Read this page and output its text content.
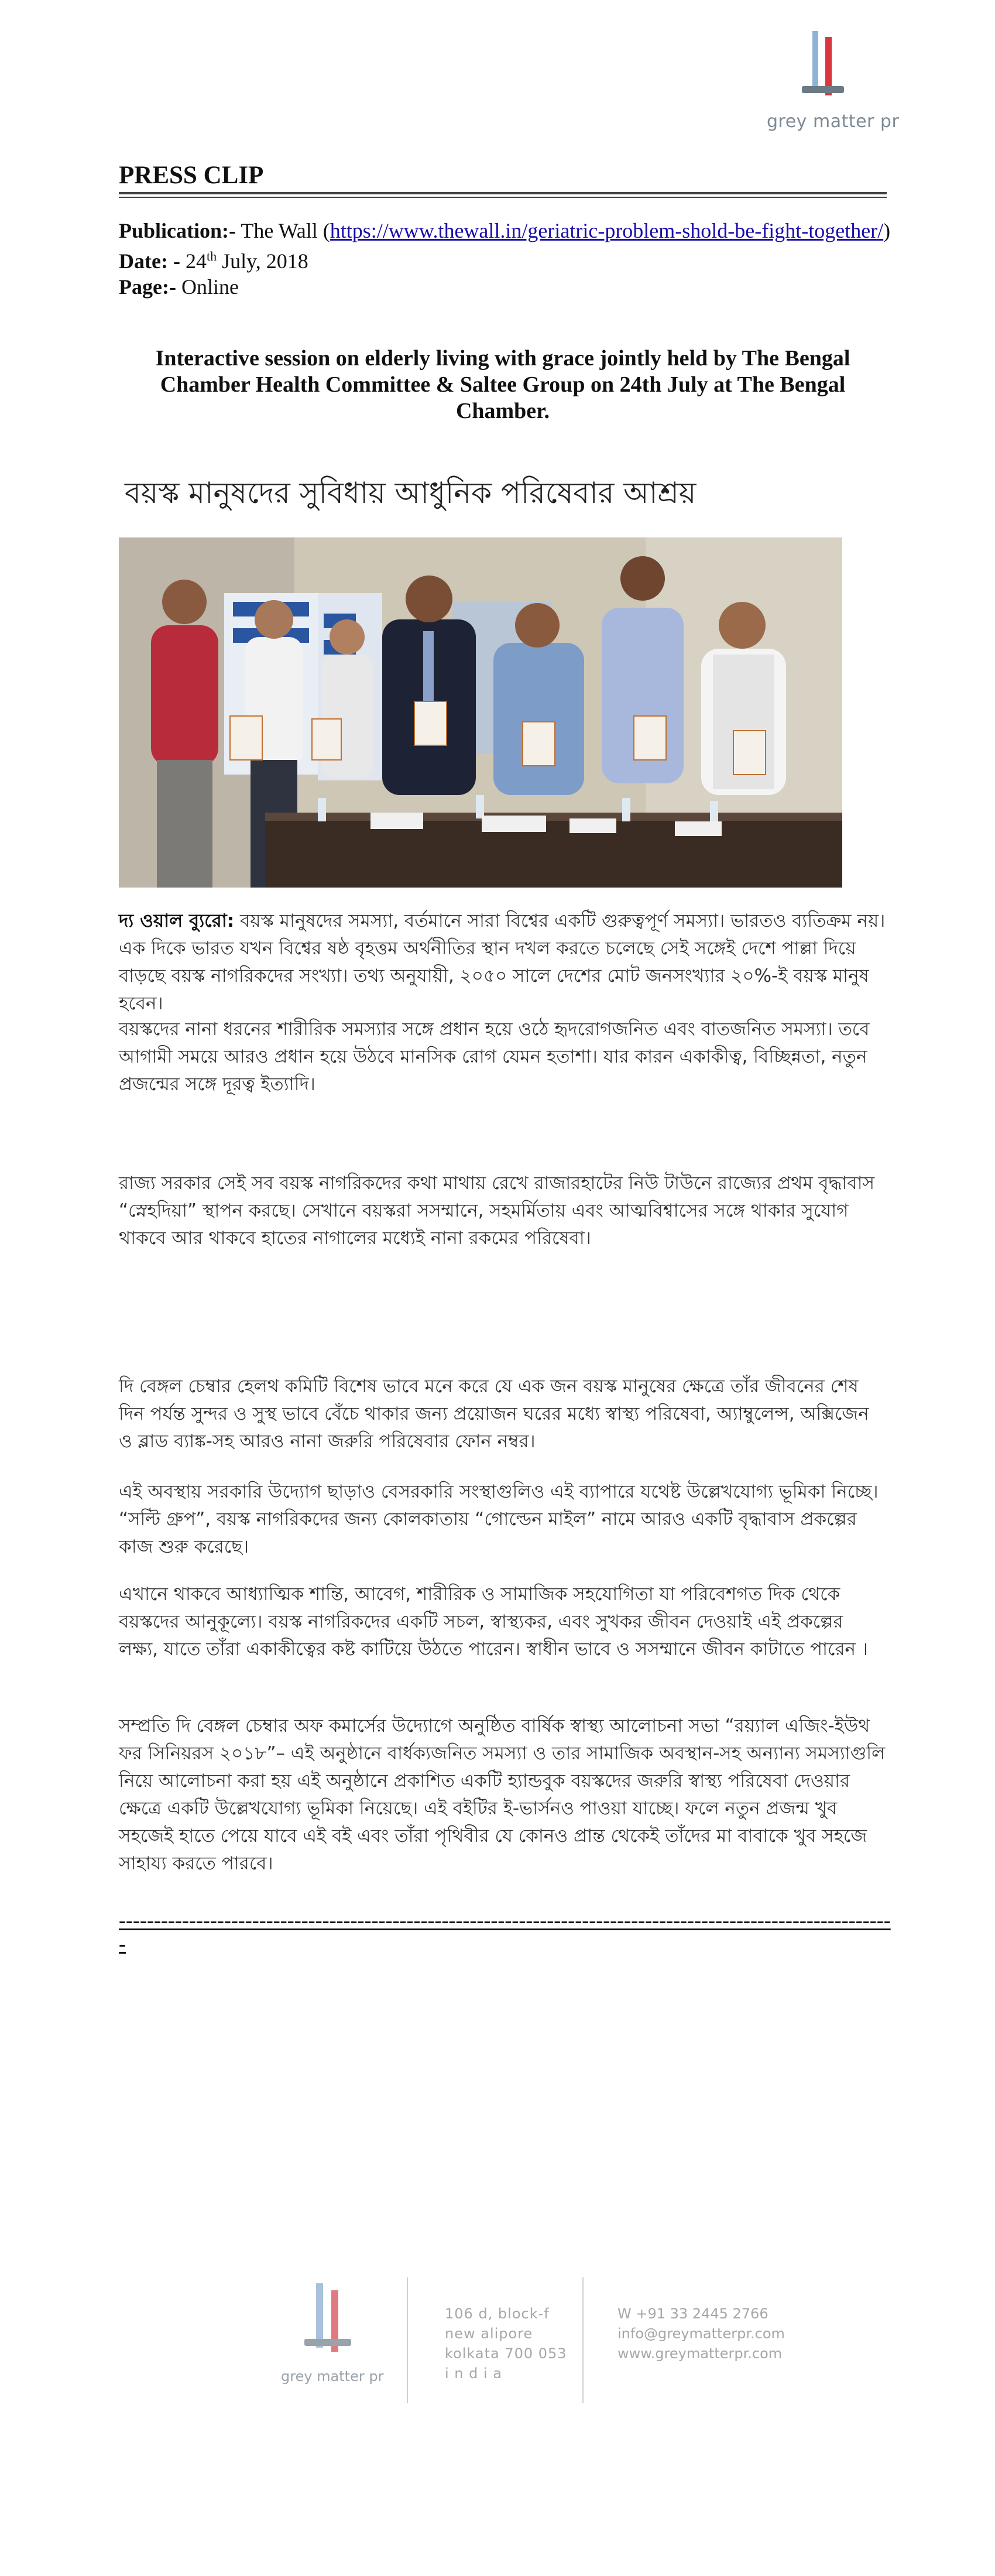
grey matter pr
PRESS CLIP
Publication:- The Wall (https://www.thewall.in/geriatric-problem-shold-be-fight-together/)
Date: - 24th July, 2018
Page:- Online
Interactive session on elderly living with grace jointly held by The Bengal Chamber Health Committee & Saltee Group on 24th July at The Bengal Chamber.
বয়স্ক মানুষদের সুবিধায় আধুনিক পরিষেবার আশ্রয়

দ্য ওয়াল ব্যুরো: বয়স্ক মানুষদের সমস্যা, বর্তমানে সারা বিশ্বের একটি গুরুত্বপূর্ণ সমস্যা। ভারতও ব্যতিক্রম নয়। এক দিকে ভারত যখন বিশ্বের ষষ্ঠ বৃহত্তম অর্থনীতির স্থান দখল করতে চলেছে সেই সঙ্গেই দেশে পাল্লা দিয়ে বাড়ছে বয়স্ক নাগরিকদের সংখ্যা। তথ্য অনুযায়ী, ২০৫০ সালে দেশের মোট জনসংখ্যার ২০%-ই বয়স্ক মানুষ হবেন।

বয়স্কদের নানা ধরনের শারীরিক সমস্যার সঙ্গে প্রধান হয়ে ওঠে হৃদরোগজনিত এবং বাতজনিত সমস্যা। তবে আগামী সময়ে আরও প্রধান হয়ে উঠবে মানসিক রোগ যেমন হতাশা। যার কারন একাকীত্ব, বিচ্ছিন্নতা, নতুন প্রজন্মের সঙ্গে দূরত্ব ইত্যাদি।

রাজ্য সরকার সেই সব বয়স্ক নাগরিকদের কথা মাথায় রেখে রাজারহাটের নিউ টাউনে রাজ্যের প্রথম বৃদ্ধাবাস “স্নেহদিয়া” স্থাপন করছে। সেখানে বয়স্করা সসম্মানে, সহমর্মিতায় এবং আত্মবিশ্বাসের সঙ্গে থাকার সুযোগ থাকবে আর থাকবে হাতের নাগালের মধ্যেই নানা রকমের পরিষেবা।

দি বেঙ্গল চেম্বার হেলথ কমিটি বিশেষ ভাবে মনে করে যে এক জন বয়স্ক মানুষের ক্ষেত্রে তাঁর জীবনের শেষ দিন পর্যন্ত সুন্দর ও সুস্থ ভাবে বেঁচে থাকার জন্য প্রয়োজন ঘরের মধ্যে স্বাস্থ্য পরিষেবা, অ্যাম্বুলেন্স, অক্সিজেন ও ব্লাড ব্যাঙ্ক-সহ আরও নানা জরুরি পরিষেবার ফোন নম্বর।

এই অবস্থায় সরকারি উদ্যোগ ছাড়াও বেসরকারি সংস্থাগুলিও এই ব্যাপারে যথেষ্ট উল্লেখযোগ্য ভূমিকা নিচ্ছে। “সল্টি গ্রুপ”, বয়স্ক নাগরিকদের জন্য কোলকাতায় “গোল্ডেন মাইল” নামে আরও একটি বৃদ্ধাবাস প্রকল্পের কাজ শুরু করেছে।

এখানে থাকবে আধ্যাত্মিক শান্তি, আবেগ, শারীরিক ও সামাজিক সহযোগিতা যা পরিবেশগত দিক থেকে বয়স্কদের আনুকূল্যে। বয়স্ক নাগরিকদের একটি সচল, স্বাস্থ্যকর, এবং সুখকর জীবন দেওয়াই এই প্রকল্পের লক্ষ্য, যাতে তাঁরা একাকীত্বের কষ্ট কাটিয়ে উঠতে পারেন। স্বাধীন ভাবে ও সসম্মানে জীবন কাটাতে পারেন ।

সম্প্রতি দি বেঙ্গল চেম্বার অফ কমার্সের উদ্যোগে অনুষ্ঠিত বার্ষিক স্বাস্থ্য আলোচনা সভা “রয়্যাল এজিং-ইউথ ফর সিনিয়রস ২০১৮”– এই অনুষ্ঠানে বার্ধক্যজনিত সমস্যা ও তার সামাজিক অবস্থান-সহ অন্যান্য সমস্যাগুলি নিয়ে আলোচনা করা হয় এই অনুষ্ঠানে প্রকাশিত একটি হ্যান্ডবুক বয়স্কদের জরুরি স্বাস্থ্য পরিষেবা দেওয়ার ক্ষেত্রে একটি উল্লেখযোগ্য ভূমিকা নিয়েছে। এই বইটির ই-ভার্সনও পাওয়া যাচ্ছে। ফলে নতুন প্রজন্ম খুব সহজেই হাতে পেয়ে যাবে এই বই এবং তাঁরা পৃথিবীর যে কোনও প্রান্ত থেকেই তাঁদের মা বাবাকে খুব সহজে সাহায্য করতে পারবে।

---------------------------------------------------------------------------------------------------------------
grey matter pr
106 d, block-f
new alipore
kolkata 700 053
i n d i a
W +91 33 2445 2766
info@greymatterpr.com
www.greymatterpr.com
